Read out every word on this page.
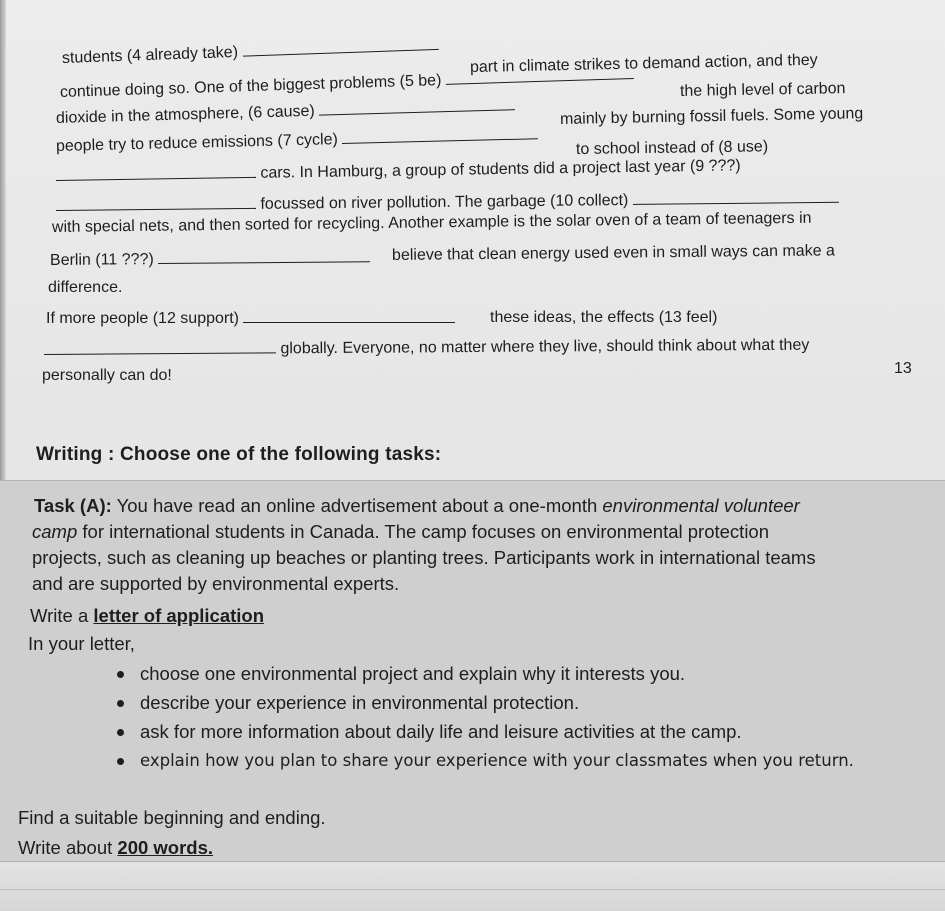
students (4 already take)	part in climate strikes to demand action, and they
continue doing so. One of the biggest problems (5 be)	the high level of carbon
dioxide in the atmosphere, (6 cause)	mainly by burning fossil fuels. Some young
people try to reduce emissions (7 cycle)	to school instead of (8 use)
cars. In Hamburg, a group of students did a project last year (9 ???)
focussed on river pollution. The garbage (10 collect)
with special nets, and then sorted for recycling. Another example is the solar oven of a team of teenagers in
Berlin (11 ???)	believe that clean energy used even in small ways can make a
difference.
If more people (12 support)	these ideas, the effects (13 feel)
globally. Everyone, no matter where they live, should think about what they
personally can do!	13
Writing : Choose one of the following tasks:
Task (A): You have read an online advertisement about a one-month environmental volunteer
camp for international students in Canada. The camp focuses on environmental protection
projects, such as cleaning up beaches or planting trees. Participants work in international teams
and are supported by environmental experts.
Write a letter of application
In your letter,
choose one environmental project and explain why it interests you.
describe your experience in environmental protection.
ask for more information about daily life and leisure activities at the camp.
explain how you plan to share your experience with your classmates when you return.
Find a suitable beginning and ending.
Write about 200 words.
